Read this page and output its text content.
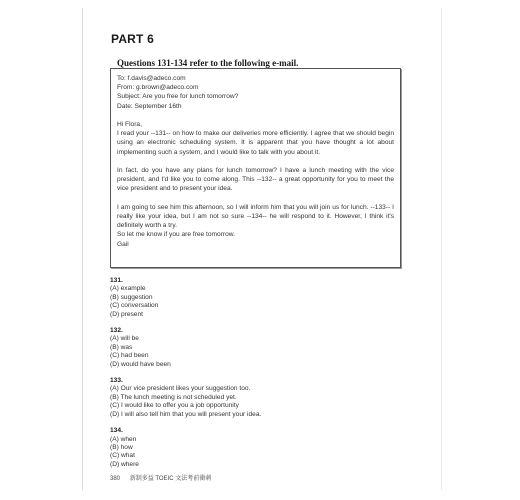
PART 6
Questions 131-134 refer to the following e-mail.
To: f.davis@adeco.com
From: g.brown@adeco.com
Subject: Are you free for lunch tomorrow?
Date: September 16th
Hi Flora,

I read your --131-- on how to make our deliveries more efficiently. I agree that we should begin using an electronic scheduling system. It is apparent that you have thought a lot about implementing such a system, and I would like to talk with you about it.

In fact, do you have any plans for lunch tomorrow? I have a lunch meeting with the vice president, and I'd like you to come along. This --132-- a great opportunity for you to meet the vice president and to present your idea.

I am going to see him this afternoon, so I will inform him that you will join us for lunch. --133-- I really like your idea, but I am not so sure --134-- he will respond to it. However, I think it's definitely worth a try.

So let me know if you are free tomorrow.
Gail
131.
(A) example
(B) suggestion
(C) conversation
(D) present
132.
(A) will be
(B) was
(C) had been
(D) would have been
133.
(A) Our vice president likes your suggestion too.
(B) The lunch meeting is not scheduled yet.
(C) I would like to offer you a job opportunity
(D) I will also tell him that you will present your idea.
134.
(A) when
(B) how
(C) what
(D) where
380 新制多益 TOEIC 文法考前衝刺
